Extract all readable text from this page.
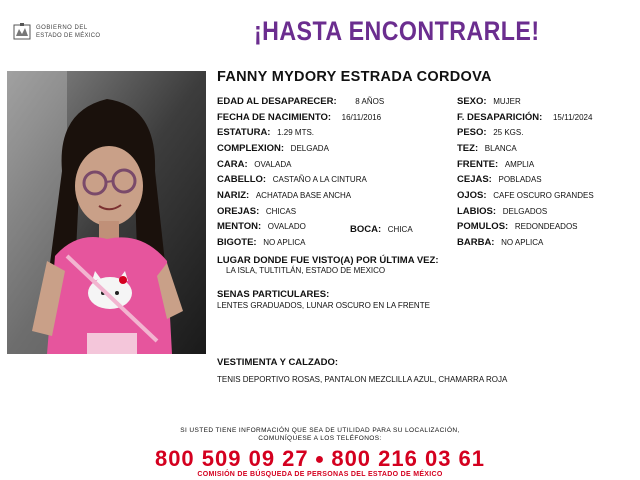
GOBIERNO DEL
ESTADO DE MÉXICO	¡HASTA ENCONTRARLE!
FANNY MYDORY ESTRADA CORDOVA
EDAD AL DESAPARECER: 8 AÑOS
FECHA DE NACIMIENTO: 16/11/2016
ESTATURA: 1.29 MTS.
COMPLEXION: DELGADA
CARA: OVALADA
CABELLO: CASTAÑO A LA CINTURA
NARIZ: ACHATADA BASE ANCHA
OREJAS: CHICAS
MENTON: OVALADO	BOCA: CHICA
BIGOTE: NO APLICA
SEXO: MUJER
F. DESAPARICIÓN: 15/11/2024
PESO: 25 KGS.
TEZ: BLANCA
FRENTE: AMPLIA
CEJAS: POBLADAS
OJOS: CAFE OSCURO GRANDES
LABIOS: DELGADOS
POMULOS: REDONDEADOS
BARBA: NO APLICA
LUGAR DONDE FUE VISTO(A) POR ÚLTIMA VEZ:
LA ISLA, TULTITLÁN, ESTADO DE MEXICO
SENAS PARTICULARES:
LENTES GRADUADOS, LUNAR OSCURO EN LA FRENTE
VESTIMENTA Y CALZADO:
TENIS DEPORTIVO ROSAS, PANTALON MEZCLILLA AZUL, CHAMARRA ROJA
SI USTED TIENE INFORMACIÓN QUE SEA DE UTILIDAD PARA SU LOCALIZACIÓN,
COMUNÍQUESE A LOS TELÉFONOS:
800 509 09 27 ● 800 216 03 61
COMISIÓN DE BÚSQUEDA DE PERSONAS DEL ESTADO DE MÉXICO
